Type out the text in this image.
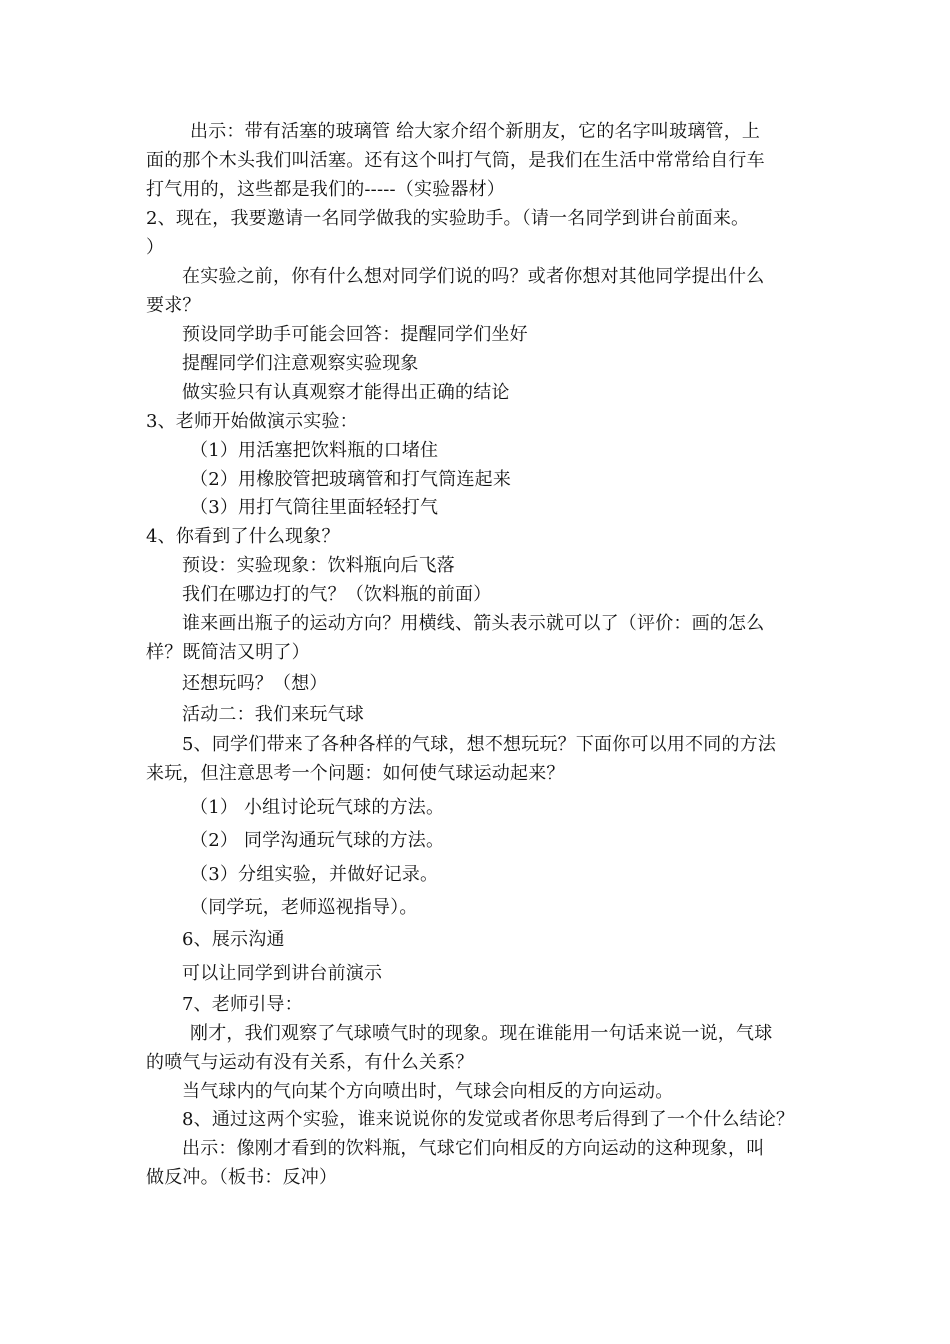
出示：带有活塞的玻璃管 给大家介绍个新朋友，它的名字叫玻璃管，上
面的那个木头我们叫活塞。还有这个叫打气筒，是我们在生活中常常给自行车
打气用的，这些都是我们的-----（实验器材）
2、现在，我要邀请一名同学做我的实验助手。（请一名同学到讲台前面来。
）
在实验之前，你有什么想对同学们说的吗？或者你想对其他同学提出什么
要求？
预设同学助手可能会回答：提醒同学们坐好
提醒同学们注意观察实验现象
做实验只有认真观察才能得出正确的结论
3、老师开始做演示实验：
（1）用活塞把饮料瓶的口堵住
（2）用橡胶管把玻璃管和打气筒连起来
（3）用打气筒往里面轻轻打气
4、你看到了什么现象？
预设：实验现象：饮料瓶向后飞落
我们在哪边打的气？（饮料瓶的前面）
谁来画出瓶子的运动方向？用横线、箭头表示就可以了（评价：画的怎么
样？既简洁又明了）
还想玩吗？（想）
活动二：我们来玩气球
5、同学们带来了各种各样的气球，想不想玩玩？下面你可以用不同的方法
来玩，但注意思考一个问题：如何使气球运动起来？
（1） 小组讨论玩气球的方法。
（2） 同学沟通玩气球的方法。
（3）分组实验，并做好记录。
（同学玩，老师巡视指导）。
6、展示沟通
可以让同学到讲台前演示
7、老师引导：
刚才，我们观察了气球喷气时的现象。现在谁能用一句话来说一说，气球
的喷气与运动有没有关系，有什么关系？
当气球内的气向某个方向喷出时，气球会向相反的方向运动。
8、通过这两个实验，谁来说说你的发觉或者你思考后得到了一个什么结论？
出示：像刚才看到的饮料瓶，气球它们向相反的方向运动的这种现象，叫
做反冲。（板书：反冲）
